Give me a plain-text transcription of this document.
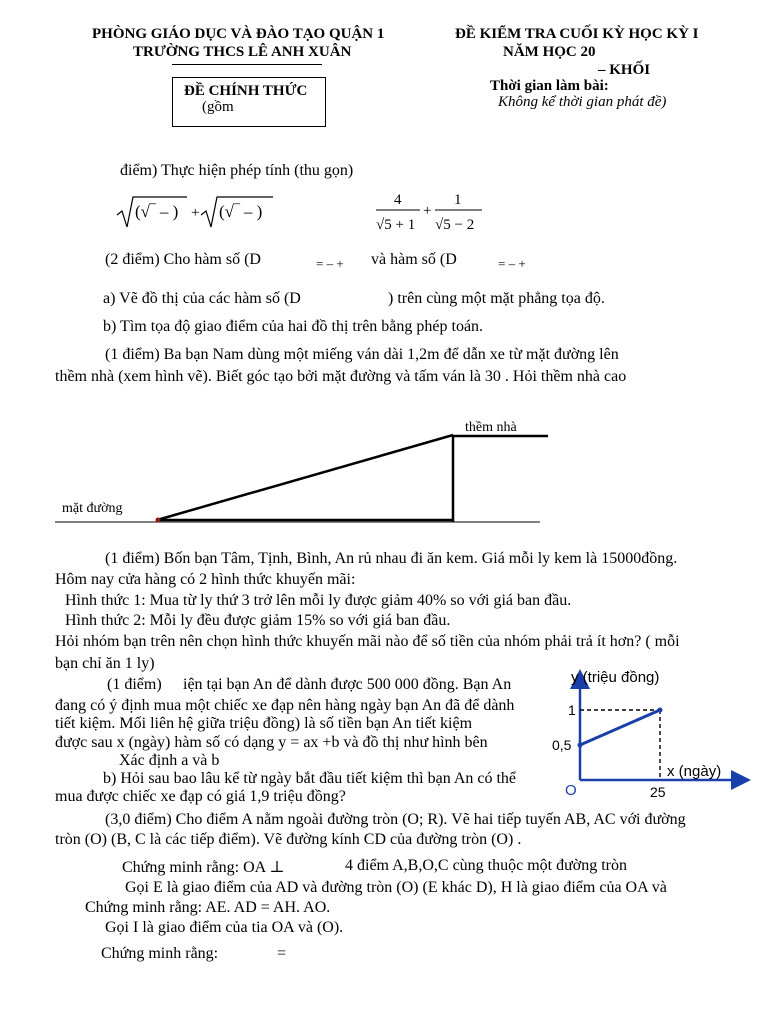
PHÒNG GIÁO DỤC VÀ ĐÀO TẠO QUẬN 1
TRƯỜNG THCS LÊ ANH XUÂN
ĐỀ KIỂM TRA CUỐI KỲ HỌC KỲ I
NĂM HỌC 20
– KHỐI
Thời gian làm bài:
Không kể thời gian phát đề)
ĐỀ CHÍNH THỨC
(gồm
điểm) Thực hiện phép tính (thu gọn)
(√‾ – ) + (√‾ – )
4
√5 + 1
+
1
√5 − 2
(2 điểm) Cho hàm số (D	= – + và hàm số (D	= – +
a) Vẽ đồ thị của các hàm số (D	) trên cùng một mặt phẳng tọa độ.
b) Tìm tọa độ giao điểm của hai đồ thị trên bằng phép toán.
(1 điểm) Ba bạn Nam dùng một miếng ván dài 1,2m để dẫn xe từ mặt đường lên
thềm nhà (xem hình vẽ). Biết góc tạo bởi mặt đường và tấm ván là 30 . Hỏi thềm nhà cao
thềm nhà
mặt đường
(1 điểm) Bốn bạn Tâm, Tịnh, Bình, An rủ nhau đi ăn kem. Giá mỗi ly kem là 15000đồng.
Hôm nay cửa hàng có 2 hình thức khuyến mãi:
Hình thức 1: Mua từ ly thứ 3 trở lên mỗi ly được giảm 40% so với giá ban đầu.
Hình thức 2: Mỗi ly đều được giảm 15% so với giá ban đầu.
Hỏi nhóm bạn trên nên chọn hình thức khuyến mãi nào để số tiền của nhóm phải trả ít hơn? ( mỗi
bạn chỉ ăn 1 ly)
(1 điểm) iện tại bạn An để dành được 500 000 đồng. Bạn An
đang có ý định mua một chiếc xe đạp nên hàng ngày bạn An đã để dành
tiết kiệm. Mối liên hệ giữa triệu đồng) là số tiền bạn An tiết kiệm
được sau x (ngày) hàm số có dạng y = ax +b và đồ thị như hình bên
Xác định a và b
b) Hỏi sau bao lâu kể từ ngày bắt đầu tiết kiệm thì bạn An có thể
mua được chiếc xe đạp có giá 1,9 triệu đồng?
y (triệu đồng)
x (ngày)
O	25
0,5
1
(3,0 điểm) Cho điểm A nằm ngoài đường tròn (O; R). Vẽ hai tiếp tuyến AB, AC với đường
tròn (O) (B, C là các tiếp điểm). Vẽ đường kính CD của đường tròn (O) .
Chứng minh rằng: OA ⊥	4 điểm A,B,O,C cùng thuộc một đường tròn
Gọi E là giao điểm của AD và đường tròn (O) (E khác D), H là giao điểm của OA và
Chứng minh rằng: AE. AD = AH. AO.
Gọi I là giao điểm của tia OA và (O).
Chứng minh rằng:	=
